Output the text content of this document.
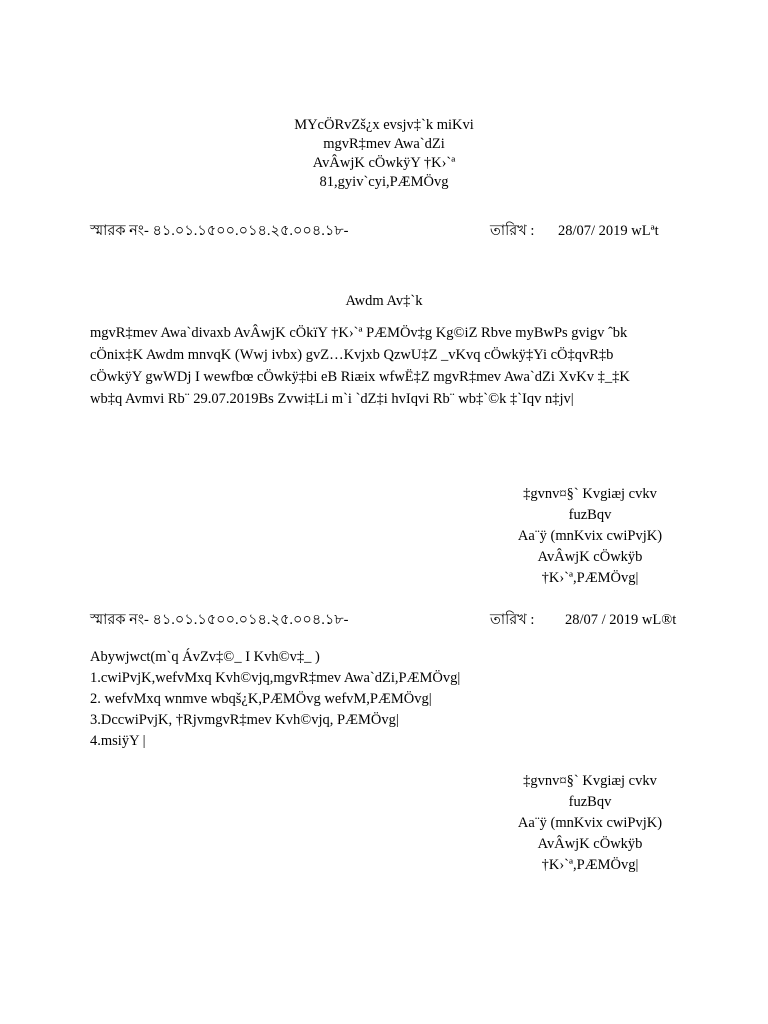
MYcÖRvZš¿x evsjv‡`k miKvi
mgvR‡mev Awa`dZi
AvÂwjK cÖwkÿY †K›`ª
81,gyiv`cyi,PÆMÖvg
স্মারক নং- ৪১.০১.১৫০০.০১৪.২৫.০০৪.১৮-	তারিখ : 28/07/ 2019 wLªt
Awdm Av‡`k
mgvR‡mev Awa`divaxb AvÂwjK cÖkïY †K›`ª PÆMÖv‡g Kg©iZ Rbve myBwPs gvigv ˆbk
cÖnix‡K Awdm mnvqK (Wwj ivbx) gvZ…Kvjxb QzwU‡Z _vKvq cÖwkÿ‡Yi cÖ‡qvR‡b
cÖwkÿY gwWDj I wewfbœ cÖwkÿ‡bi eB Riæix wfwË‡Z mgvR‡mev Awa`dZi XvKv ‡_‡K
wb‡q Avmvi Rb¨ 29.07.2019Bs Zvwi‡Li m`i `dZ‡i hvIqvi Rb¨ wb‡`©k ‡`Iqv n‡jv|
‡gvnv¤§` Kvgiæj cvkv
fuzBqv
Aa¨ÿ (mnKvix cwiPvjK)
AvÂwjK cÖwkÿb
†K›`ª,PÆMÖvg|
স্মারক নং- ৪১.০১.১৫০০.০১৪.২৫.০০৪.১৮-	তারিখ : 28/07 / 2019 wL®t
Abywjwct(m`q ÁvZv‡©_ I Kvh©v‡_ )
1.cwiPvjK,wefvMxq Kvh©vjq,mgvR‡mev Awa`dZi,PÆMÖvg|
2. wefvMxq wnmve wbqš¿K,PÆMÖvg wefvM,PÆMÖvg|
3.DccwiPvjK, †RjvmgvR‡mev Kvh©vjq, PÆMÖvg|
4.msiÿY |
‡gvnv¤§` Kvgiæj cvkv
fuzBqv
Aa¨ÿ (mnKvix cwiPvjK)
AvÂwjK cÖwkÿb
†K›`ª,PÆMÖvg|
